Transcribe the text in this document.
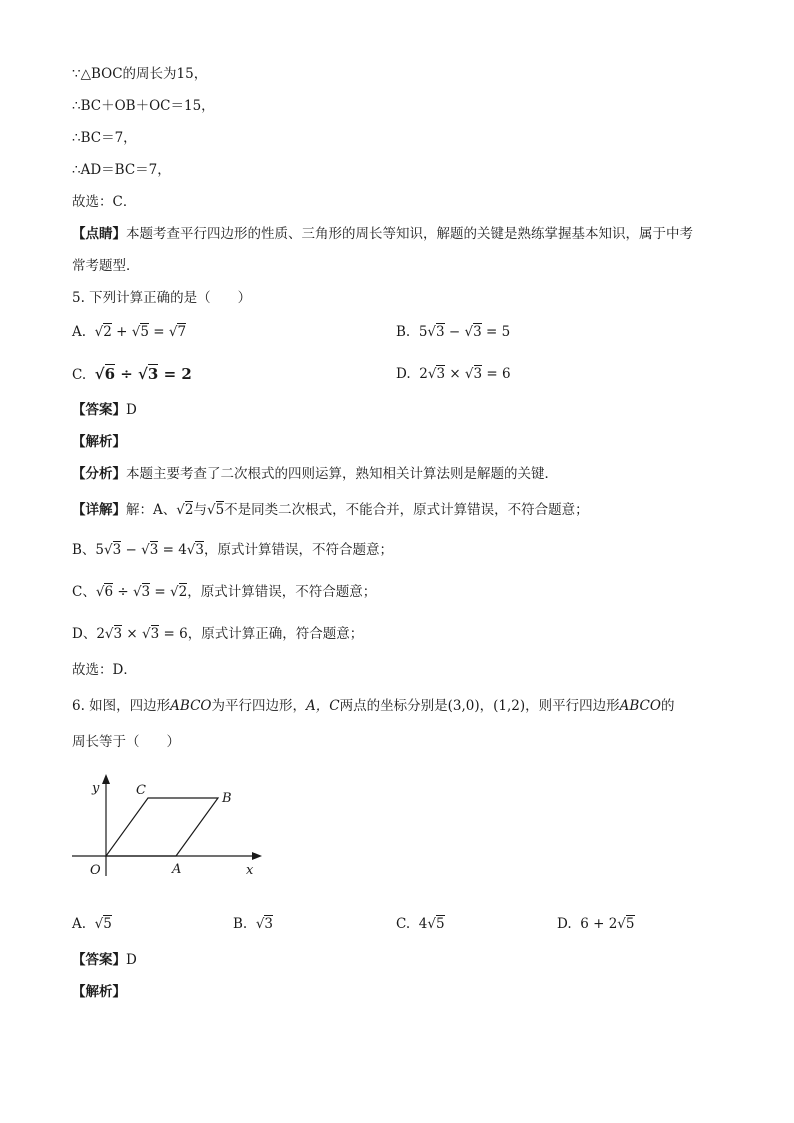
∵△BOC的周长为15，
∴BC＋OB＋OC＝15，
∴BC＝7，
∴AD＝BC＝7，
故选：C．
【点睛】本题考查平行四边形的性质、三角形的周长等知识，解题的关键是熟练掌握基本知识，属于中考
常考题型．
5. 下列计算正确的是（　　）
A. √2 + √5 = √7	B. 5√3 − √3 = 5
C. √6 ÷ √3 = 2	D. 2√3 × √3 = 6
【答案】D
【解析】
【分析】本题主要考查了二次根式的四则运算，熟知相关计算法则是解题的关键．
【详解】解：A、√2与√5不是同类二次根式，不能合并，原式计算错误，不符合题意；
B、5√3 − √3 = 4√3，原式计算错误，不符合题意；
C、√6 ÷ √3 = √2，原式计算错误，不符合题意；
D、2√3 × √3 = 6，原式计算正确，符合题意；
故选：D．
6. 如图，四边形ABCO为平行四边形，A，C两点的坐标分别是(3,0)，(1,2)，则平行四边形ABCO的
周长等于（　　）
y
x
O	A
B
C
A. √5	B. √3	C. 4√5	D. 6 + 2√5
【答案】D
【解析】
